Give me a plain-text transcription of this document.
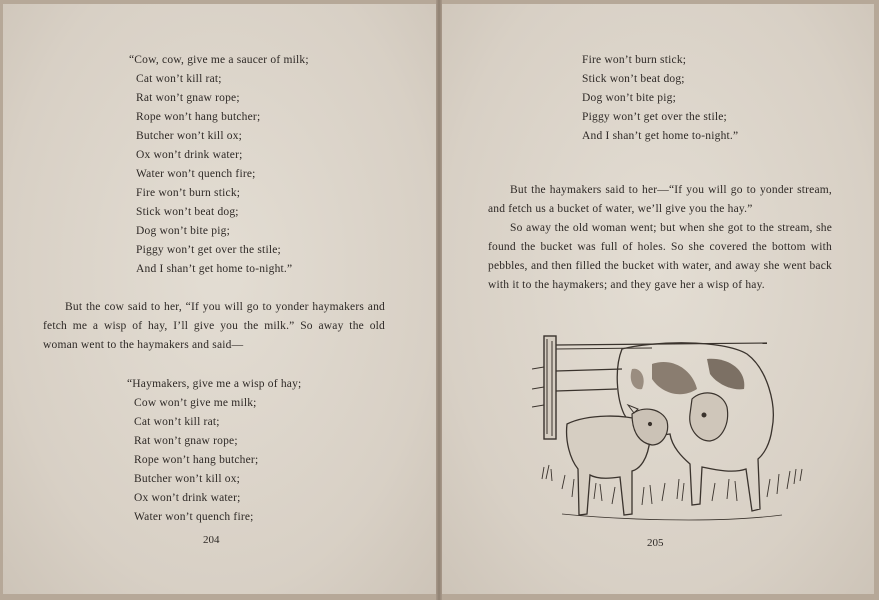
“Cow, cow, give me a saucer of milk;
Cat won’t kill rat;
Rat won’t gnaw rope;
Rope won’t hang butcher;
Butcher won’t kill ox;
Ox won’t drink water;
Water won’t quench fire;
Fire won’t burn stick;
Stick won’t beat dog;
Dog won’t bite pig;
Piggy won’t get over the stile;
And I shan’t get home to-night.”
But the cow said to her, “If you will go to yonder haymakers and fetch me a wisp of hay, I’ll give you the milk.” So away the old woman went to the haymakers and said—
“Haymakers, give me a wisp of hay;
Cow won’t give me milk;
Cat won’t kill rat;
Rat won’t gnaw rope;
Rope won’t hang butcher;
Butcher won’t kill ox;
Ox won’t drink water;
Water won’t quench fire;
204
Fire won’t burn stick;
Stick won’t beat dog;
Dog won’t bite pig;
Piggy won’t get over the stile;
And I shan’t get home to-night.”
But the haymakers said to her—“If you will go to yonder stream, and fetch us a bucket of water, we’ll give you the hay.”
So away the old woman went; but when she got to the stream, she found the bucket was full of holes. So she covered the bottom with pebbles, and then filled the bucket with water, and away she went back with it to the haymakers; and they gave her a wisp of hay.
205
